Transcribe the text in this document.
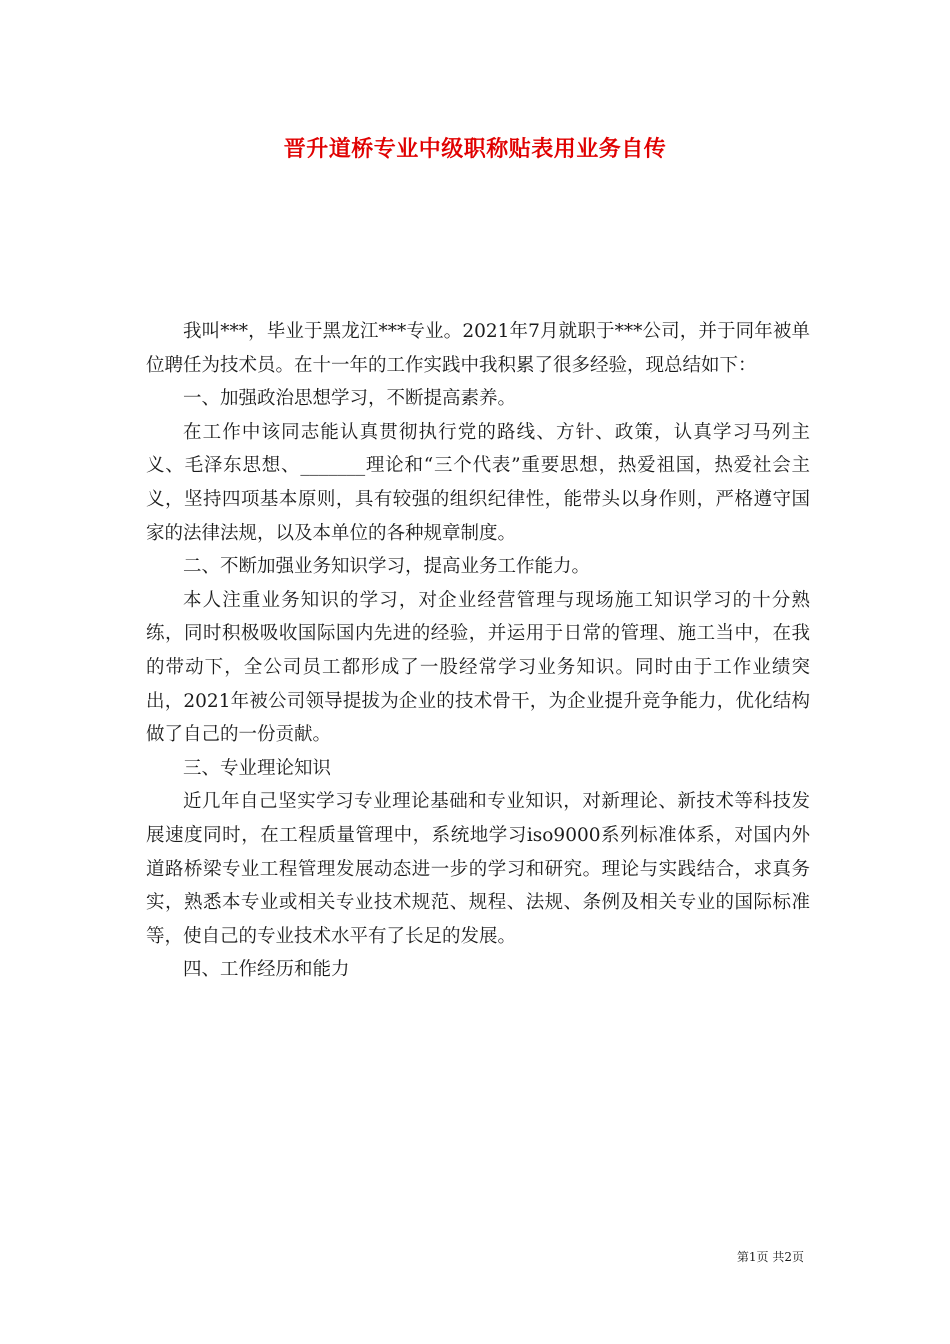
晋升道桥专业中级职称贴表用业务自传

我叫***，毕业于黑龙江***专业。2021年7月就职于***公司，并于同年被单位聘任为技术员。在十一年的工作实践中我积累了很多经验，现总结如下：

一、加强政治思想学习，不断提高素养。

在工作中该同志能认真贯彻执行党的路线、方针、政策，认真学习马列主义、毛泽东思想、_______理论和“三个代表”重要思想，热爱祖国，热爱社会主义，坚持四项基本原则，具有较强的组织纪律性，能带头以身作则，严格遵守国家的法律法规，以及本单位的各种规章制度。

二、不断加强业务知识学习，提高业务工作能力。

本人注重业务知识的学习，对企业经营管理与现场施工知识学习的十分熟练，同时积极吸收国际国内先进的经验，并运用于日常的管理、施工当中，在我的带动下，全公司员工都形成了一股经常学习业务知识。同时由于工作业绩突出，2021年被公司领导提拔为企业的技术骨干，为企业提升竞争能力，优化结构做了自己的一份贡献。

三、专业理论知识

近几年自己坚实学习专业理论基础和专业知识，对新理论、新技术等科技发展速度同时，在工程质量管理中，系统地学习iso9000系列标准体系，对国内外道路桥梁专业工程管理发展动态进一步的学习和研究。理论与实践结合，求真务实，熟悉本专业或相关专业技术规范、规程、法规、条例及相关专业的国际标准等，使自己的专业技术水平有了长足的发展。

四、工作经历和能力

第1页 共2页
